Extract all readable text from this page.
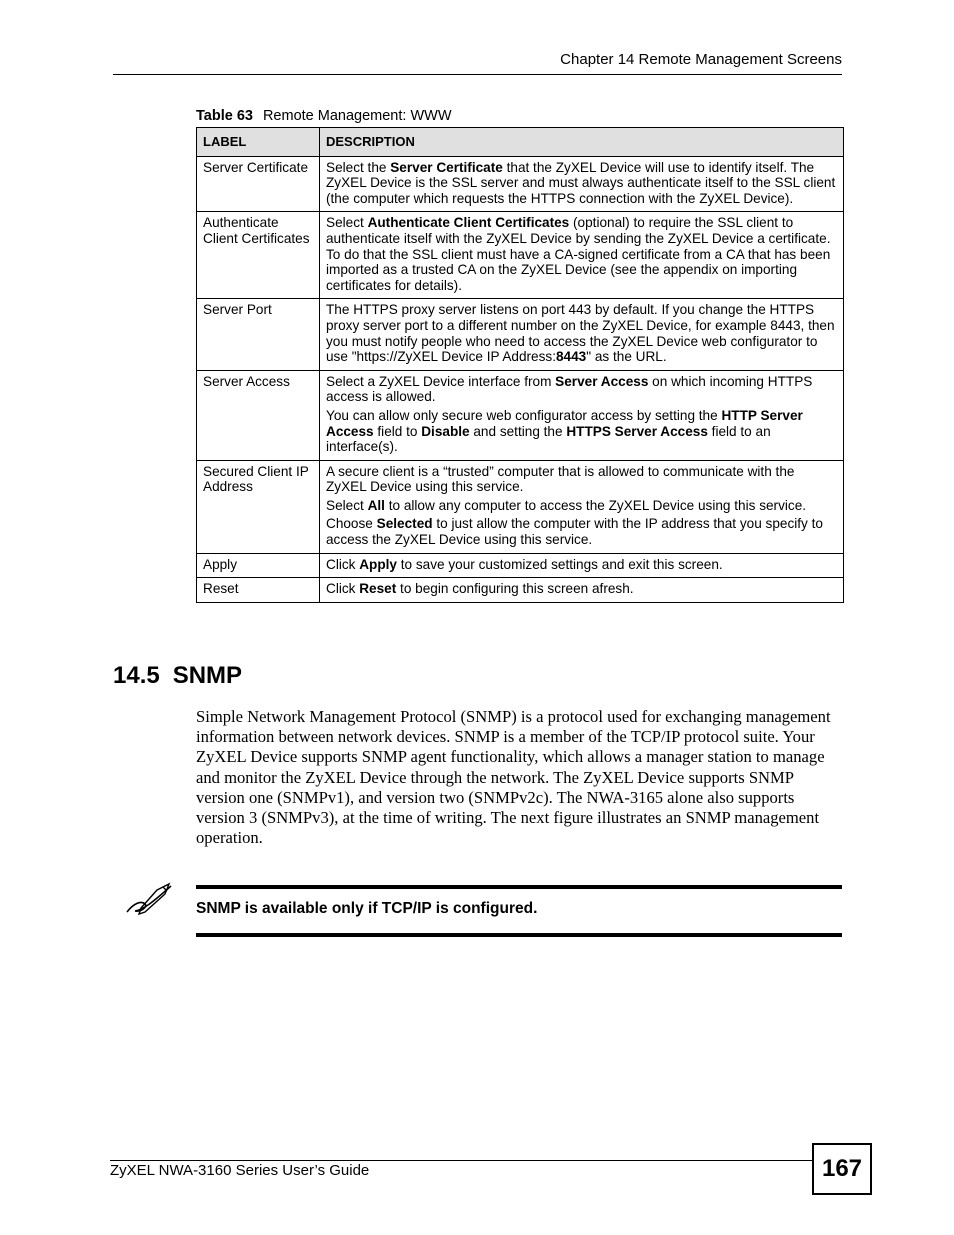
Chapter 14 Remote Management Screens
Table 63 Remote Management: WWW
LABEL	DESCRIPTION
Server Certificate	Select the Server Certificate that the ZyXEL Device will use to identify itself. The ZyXEL Device is the SSL server and must always authenticate itself to the SSL client (the computer which requests the HTTPS connection with the ZyXEL Device).

Authenticate Client Certificates	Select Authenticate Client Certificates (optional) to require the SSL client to authenticate itself with the ZyXEL Device by sending the ZyXEL Device a certificate. To do that the SSL client must have a CA-signed certificate from a CA that has been imported as a trusted CA on the ZyXEL Device (see the appendix on importing certificates for details).

Server Port	The HTTPS proxy server listens on port 443 by default. If you change the HTTPS proxy server port to a different number on the ZyXEL Device, for example 8443, then you must notify people who need to access the ZyXEL Device web configurator to use "https://ZyXEL Device IP Address:8443" as the URL.

Server Access	Select a ZyXEL Device interface from Server Access on which incoming HTTPS access is allowed.

You can allow only secure web configurator access by setting the HTTP Server Access field to Disable and setting the HTTPS Server Access field to an interface(s).

Secured Client IP Address	A secure client is a “trusted” computer that is allowed to communicate with the ZyXEL Device using this service.

Select All to allow any computer to access the ZyXEL Device using this service.

Choose Selected to just allow the computer with the IP address that you specify to access the ZyXEL Device using this service.

Apply	Click Apply to save your customized settings and exit this screen.

Reset	Click Reset to begin configuring this screen afresh.

14.5 SNMP
Simple Network Management Protocol (SNMP) is a protocol used for exchanging management information between network devices. SNMP is a member of the TCP/IP protocol suite. Your ZyXEL Device supports SNMP agent functionality, which allows a manager station to manage and monitor the ZyXEL Device through the network. The ZyXEL Device supports SNMP version one (SNMPv1), and version two (SNMPv2c). The NWA-3165 alone also supports version 3 (SNMPv3), at the time of writing. The next figure illustrates an SNMP management operation.
SNMP is available only if TCP/IP is configured.
ZyXEL NWA-3160 Series User’s Guide	167
